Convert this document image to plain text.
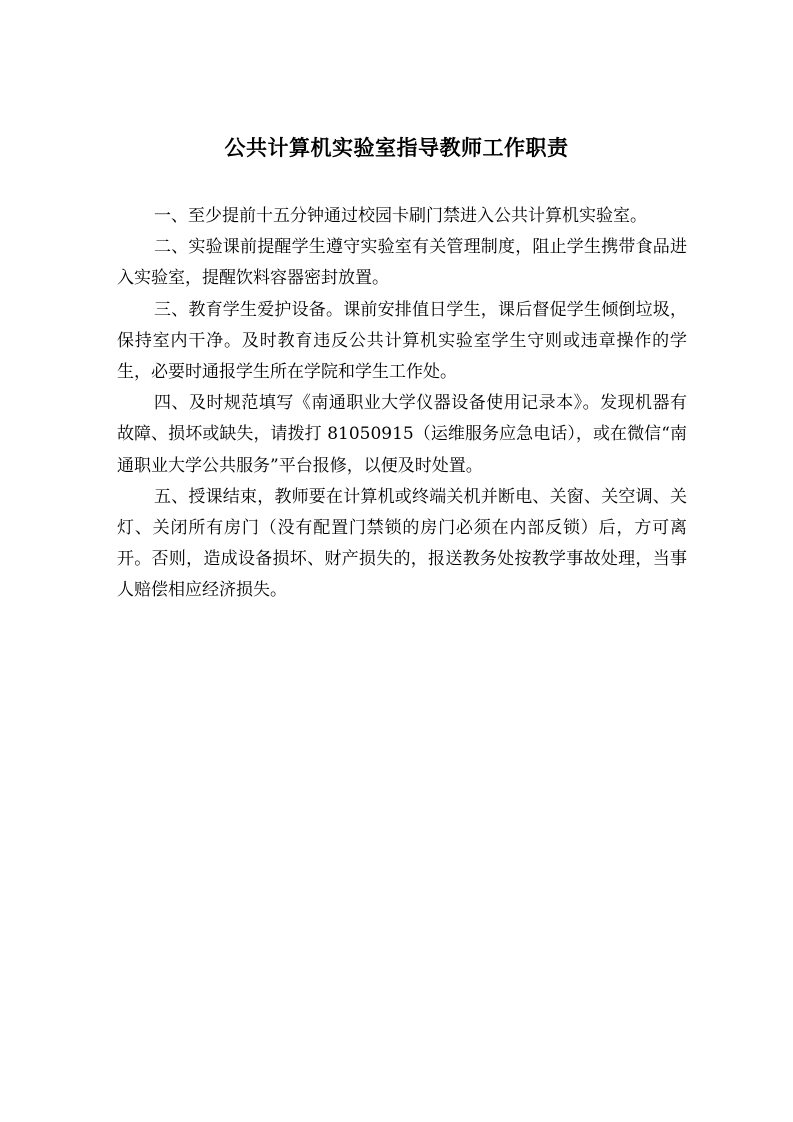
公共计算机实验室指导教师工作职责

一、至少提前十五分钟通过校园卡刷门禁进入公共计算机实验室。

二、实验课前提醒学生遵守实验室有关管理制度，阻止学生携带食品进入实验室，提醒饮料容器密封放置。

三、教育学生爱护设备。课前安排值日学生，课后督促学生倾倒垃圾，保持室内干净。及时教育违反公共计算机实验室学生守则或违章操作的学生，必要时通报学生所在学院和学生工作处。

四、及时规范填写《南通职业大学仪器设备使用记录本》。发现机器有故障、损坏或缺失，请拨打 81050915（运维服务应急电话），或在微信“南通职业大学公共服务”平台报修，以便及时处置。

五、授课结束，教师要在计算机或终端关机并断电、关窗、关空调、关灯、关闭所有房门（没有配置门禁锁的房门必须在内部反锁）后，方可离开。否则，造成设备损坏、财产损失的，报送教务处按教学事故处理，当事人赔偿相应经济损失。
